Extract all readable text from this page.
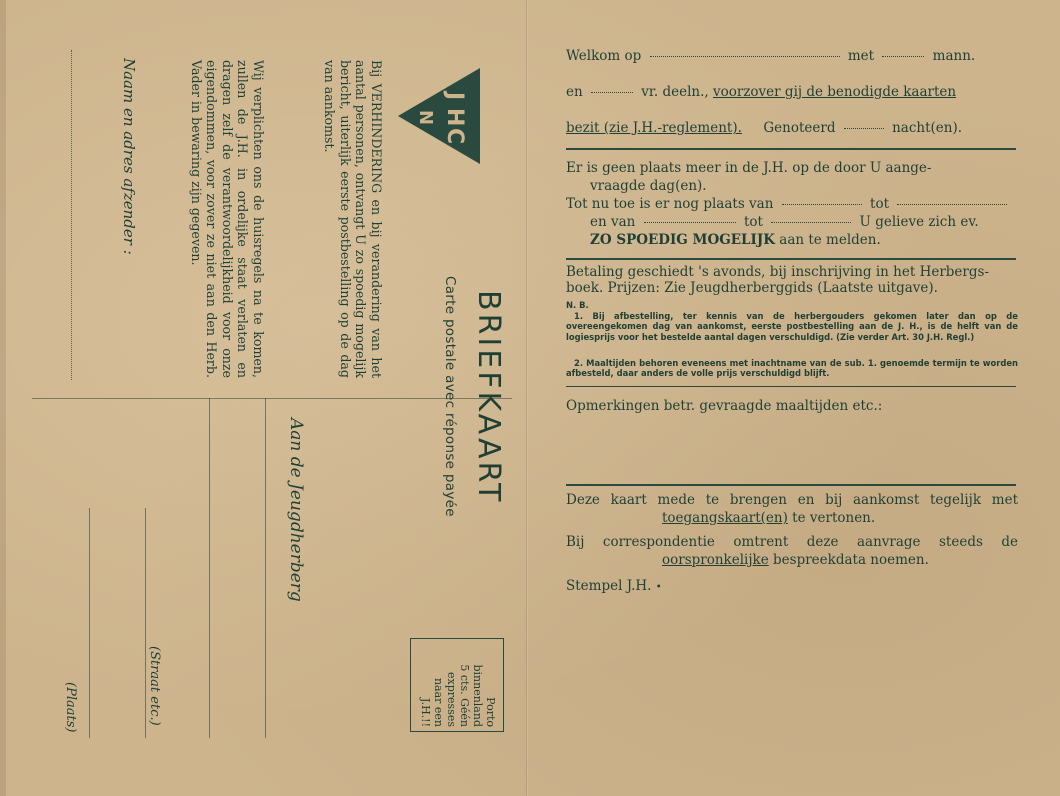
J
H
C
N
BRIEFKAART
Carte postale avec réponse payée
Bij VERHINDERING en bij verandering van het aantal personen, ontvangt U zo spoedig mogelijk bericht, uiterlijk eerste postbestelling op de dag van aankomst.
Wij verplichten ons de huisregels na te komen, zullen de J.H. in ordelijke staat verlaten en dragen zelf de verantwoordelijkheid voor onze eigendommen, voor zover ze niet aan den Herb. Vader in bewaring zijn gegeven.
Aan de Jeugdherberg
Naam en adres afzender :
(Straat etc.)
(Plaats)	Porto
binnenland
5 cts. Géén
expresses
naar een
J.H.!!
Welkom op	met	mann.
en	vr. deeln., voorzover gij de benodigde kaarten
bezit (zie J.H.-reglement). Genoteerd	nacht(en).
Er is geen plaats meer in de J.H. op de door U aange-
vraagde dag(en).
Tot nu toe is er nog plaats van	tot
en van	tot	U gelieve zich ev.
ZO SPOEDIG MOGELIJK aan te melden.
Betaling geschiedt 's avonds, bij inschrijving in het Herbergs-
boek. Prijzen: Zie Jeugdherberggids (Laatste uitgave).
N. B.
1. Bij afbestelling, ter kennis van de herbergouders gekomen later dan op de overeengekomen dag van aankomst, eerste postbestelling aan de J. H., is de helft van de logiesprijs voor het bestelde aantal dagen verschuldigd. (Zie verder Art. 30 J.H. Regl.)
2. Maaltijden behoren eveneens met inachtname van de sub. 1. genoemde termijn te worden afbesteld, daar anders de volle prijs verschuldigd blijft.
Opmerkingen betr. gevraagde maaltijden etc.:
Deze kaart mede te brengen en bij aankomst tegelijk met
toegangskaart(en) te vertonen.
Bij correspondentie omtrent deze aanvrage steeds de
oorspronkelijke bespreekdata noemen.
Stempel J.H. •
